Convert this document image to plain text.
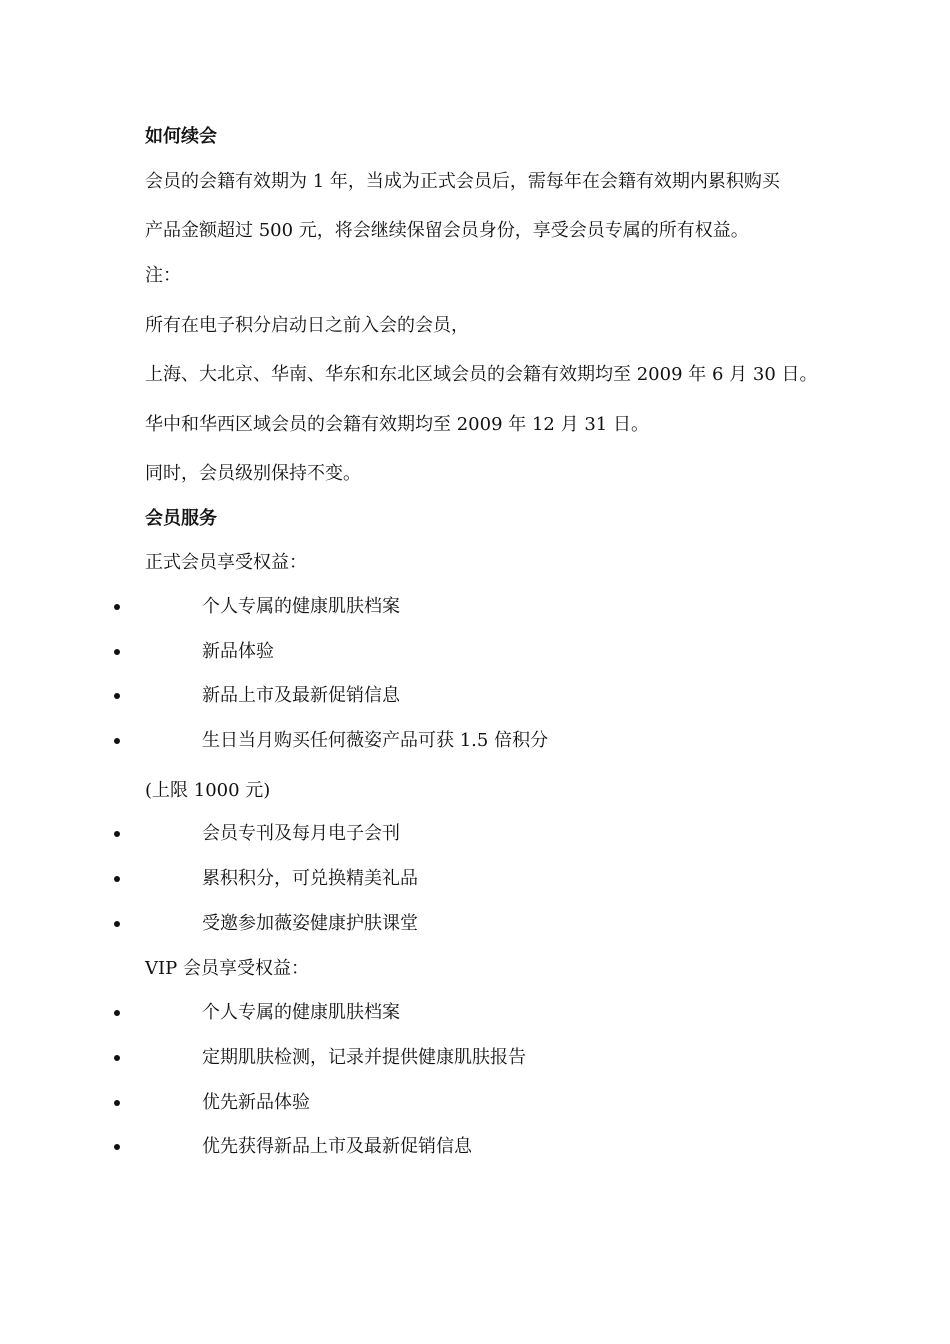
如何续会
会员的会籍有效期为 1 年，当成为正式会员后，需每年在会籍有效期内累积购买
产品金额超过 500 元，将会继续保留会员身份，享受会员专属的所有权益。
注：
所有在电子积分启动日之前入会的会员，
上海、大北京、华南、华东和东北区域会员的会籍有效期均至 2009 年 6 月 30 日。
华中和华西区域会员的会籍有效期均至 2009 年 12 月 31 日。
同时，会员级别保持不变。
会员服务
正式会员享受权益：
个人专属的健康肌肤档案
新品体验
新品上市及最新促销信息
生日当月购买任何薇姿产品可获 1.5 倍积分
(上限 1000 元)
会员专刊及每月电子会刊
累积积分，可兑换精美礼品
受邀参加薇姿健康护肤课堂
VIP 会员享受权益：
个人专属的健康肌肤档案
定期肌肤检测，记录并提供健康肌肤报告
优先新品体验
优先获得新品上市及最新促销信息
